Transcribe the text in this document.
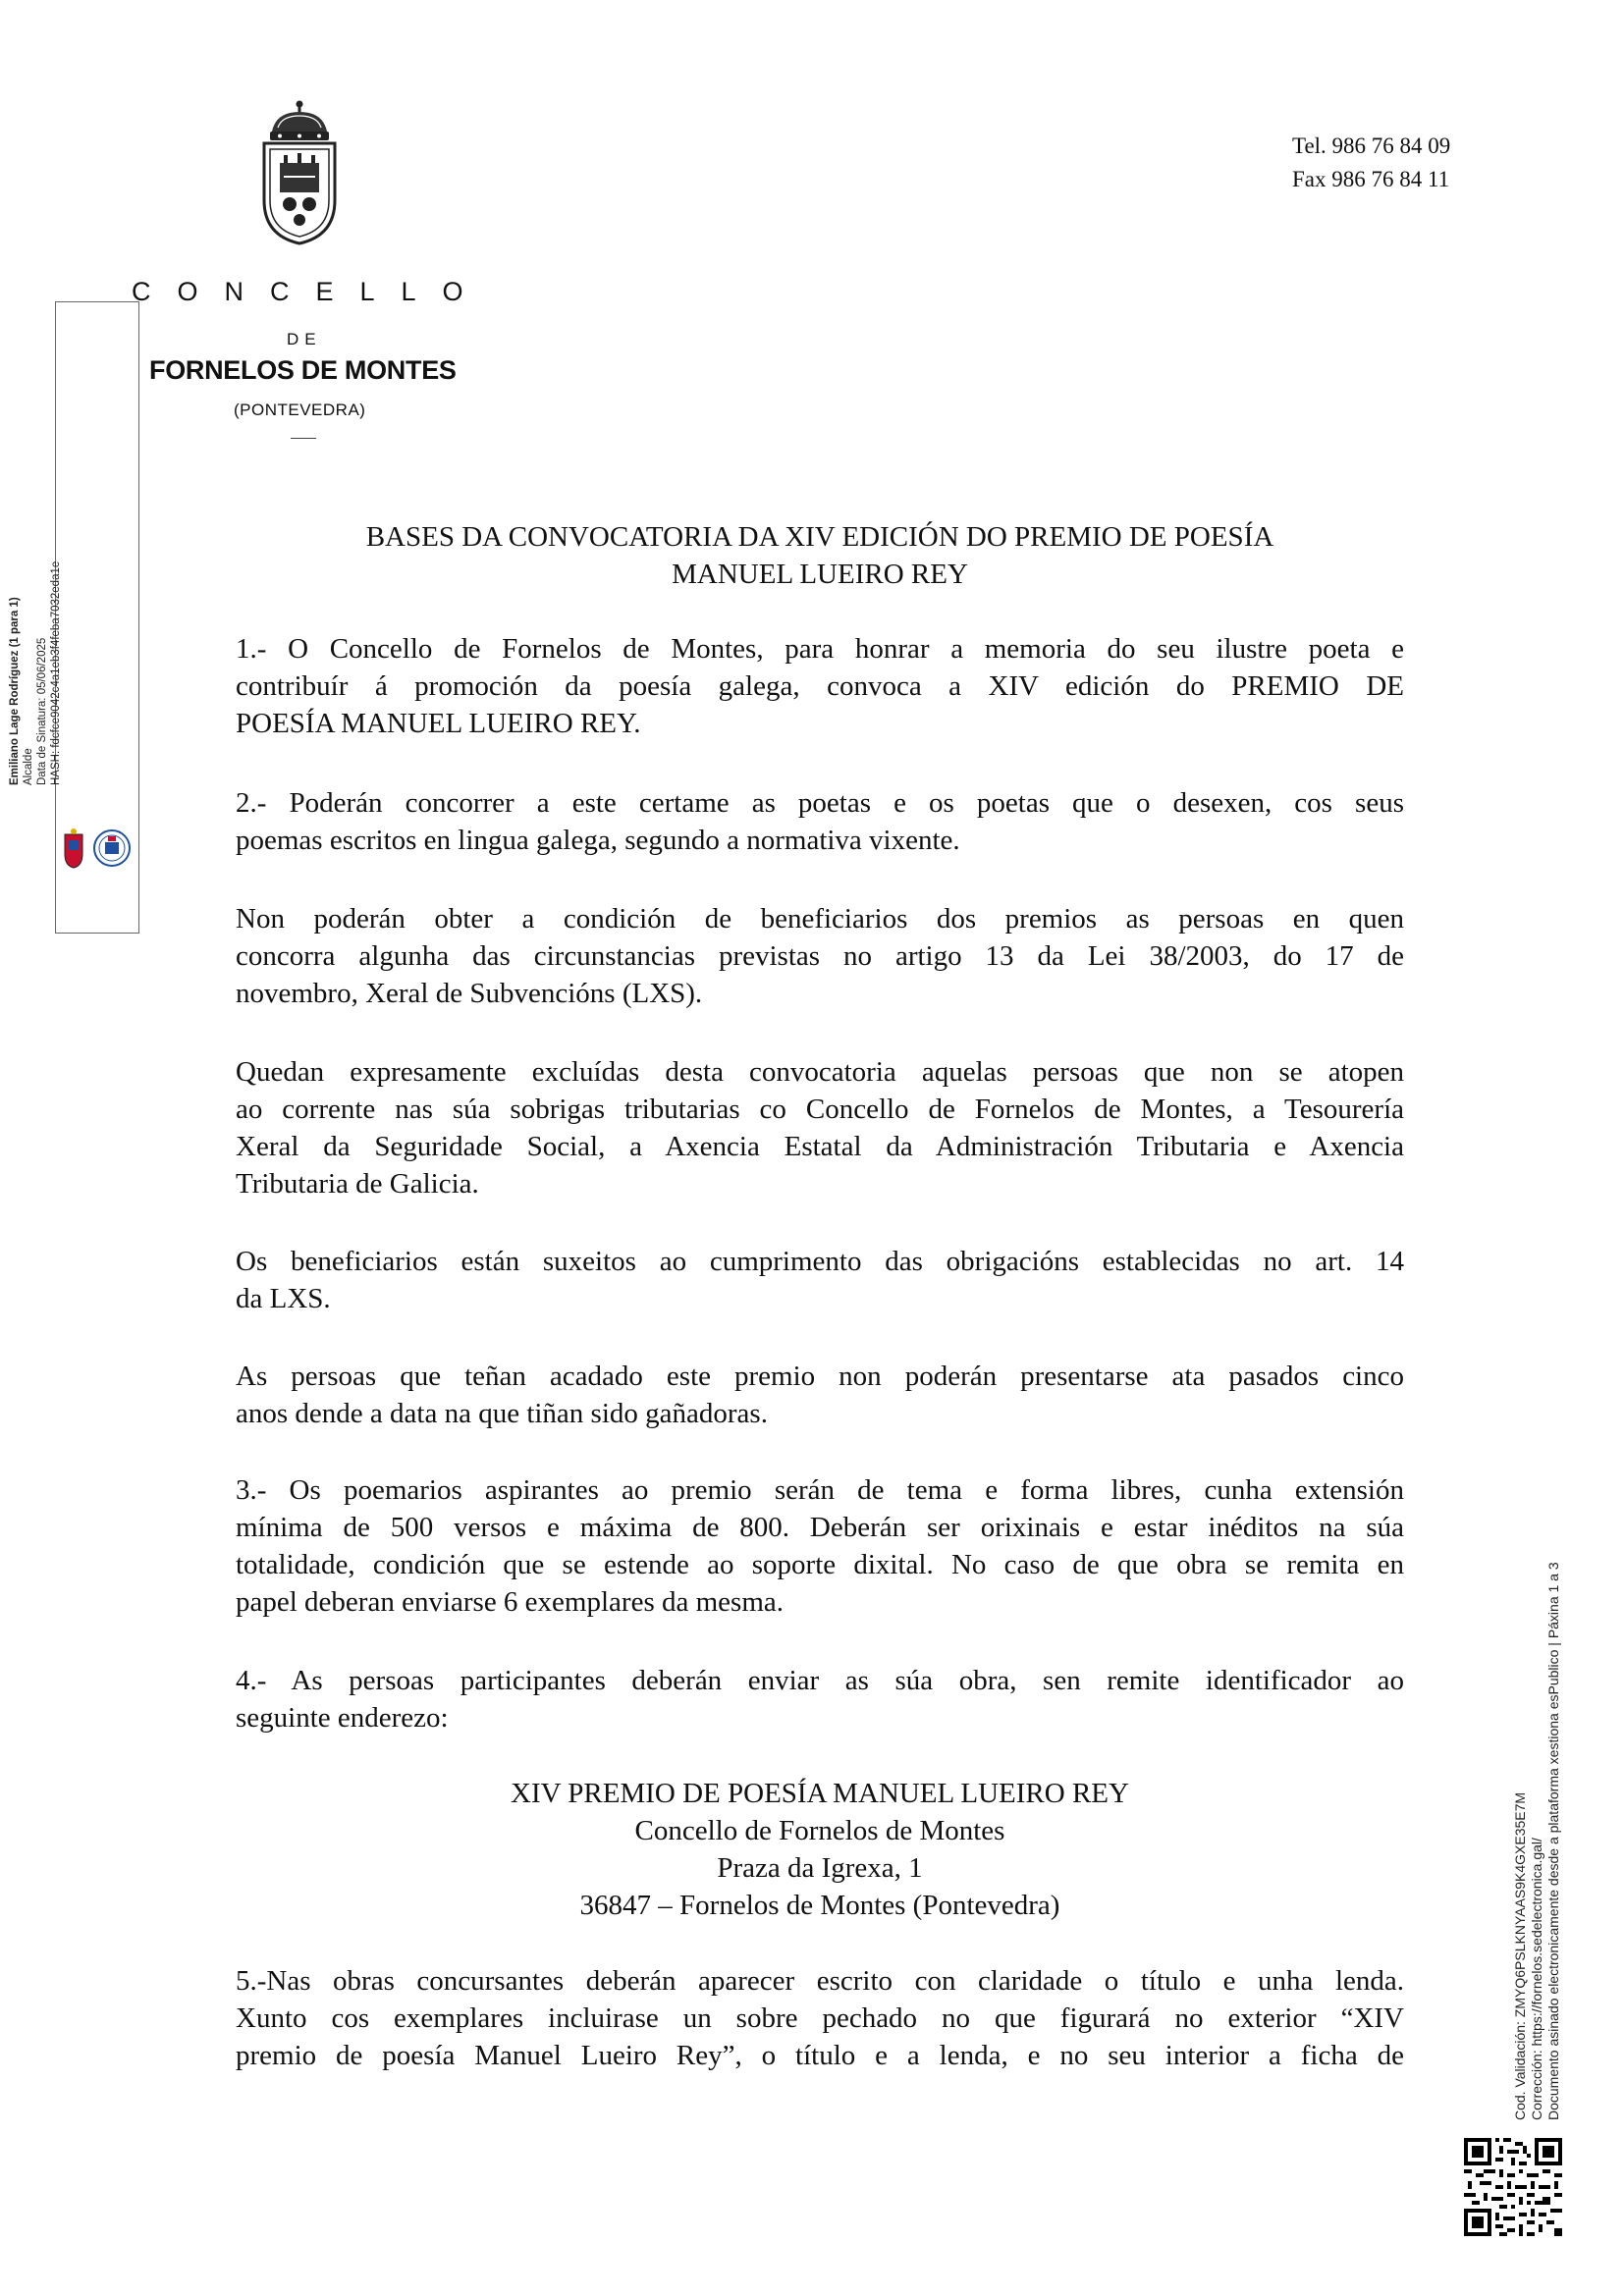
CONCELLO
DE
FORNELOS DE MONTES
(PONTEVEDRA)
Tel. 986 76 84 09
Fax 986 76 84 11
Emiliano Lage Rodríguez (1 para 1) Alcalde Data de Sinatura: 05/06/2025 HASH: fdcfce9042c4a1eb3f4feba7032eda1e
Cod. Validación: ZMYQ6PSLKNYAAS9K4GXE35E7M Corrección: https://fornelos.sedelectronica.gal/ Documento asinado electronicamente desde a plataforma xestiona esPublico | Páxina 1 a 3
BASES DA CONVOCATORIA DA XIV EDICIÓN DO PREMIO DE POESÍA
MANUEL LUEIRO REY
1.- O Concello de Fornelos de Montes, para honrar a memoria do seu ilustre poeta e
contribuír á promoción da poesía galega, convoca a XIV edición do PREMIO DE
POESÍA MANUEL LUEIRO REY.
2.- Poderán concorrer a este certame as poetas e os poetas que o desexen, cos seus
poemas escritos en lingua galega, segundo a normativa vixente.
Non poderán obter a condición de beneficiarios dos premios as persoas en quen
concorra algunha das circunstancias previstas no artigo 13 da Lei 38/2003, do 17 de
novembro, Xeral de Subvencións (LXS).
Quedan expresamente excluídas desta convocatoria aquelas persoas que non se atopen
ao corrente nas súa sobrigas tributarias co Concello de Fornelos de Montes, a Tesourería
Xeral da Seguridade Social, a Axencia Estatal da Administración Tributaria e Axencia
Tributaria de Galicia.
Os beneficiarios están suxeitos ao cumprimento das obrigacións establecidas no art. 14
da LXS.
As persoas que teñan acadado este premio non poderán presentarse ata pasados cinco
anos dende a data na que tiñan sido gañadoras.
3.- Os poemarios aspirantes ao premio serán de tema e forma libres, cunha extensión
mínima de 500 versos e máxima de 800. Deberán ser orixinais e estar inéditos na súa
totalidade, condición que se estende ao soporte dixital. No caso de que obra se remita en
papel deberan enviarse 6 exemplares da mesma.
4.- As persoas participantes deberán enviar as súa obra, sen remite identificador ao
seguinte enderezo:
XIV PREMIO DE POESÍA MANUEL LUEIRO REY
Concello de Fornelos de Montes
Praza da Igrexa, 1
36847 – Fornelos de Montes (Pontevedra)
5.-Nas obras concursantes deberán aparecer escrito con claridade o título e unha lenda.
Xunto cos exemplares incluirase un sobre pechado no que figurará no exterior “XIV
premio de poesía Manuel Lueiro Rey”, o título e a lenda, e no seu interior a ficha de
